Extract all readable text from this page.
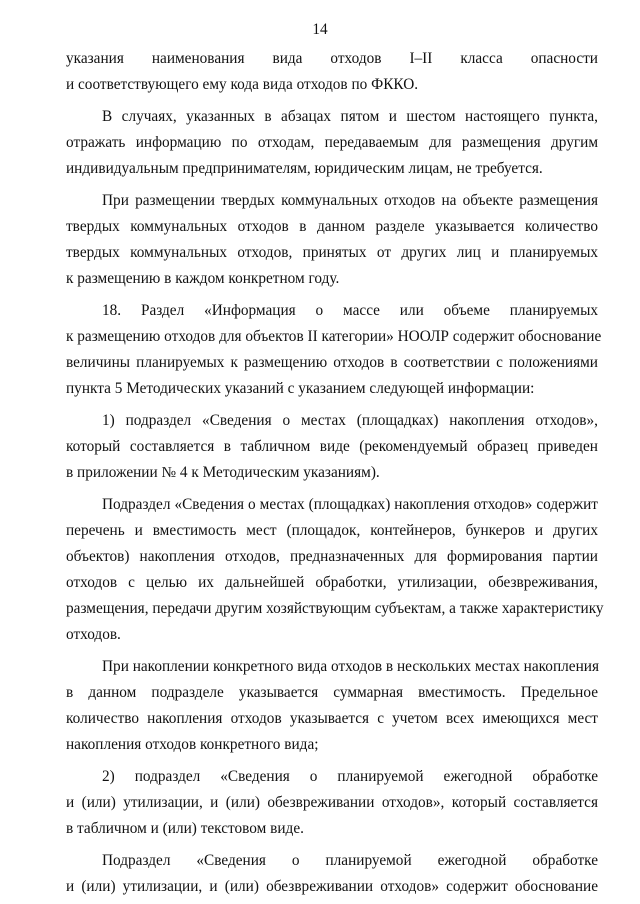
14
указания наименования вида отходов I–II класса опасности
и соответствующего ему кода вида отходов по ФККО.
В случаях, указанных в абзацах пятом и шестом настоящего пункта,
отражать информацию по отходам, передаваемым для размещения другим
индивидуальным предпринимателям, юридическим лицам, не требуется.
При размещении твердых коммунальных отходов на объекте размещения
твердых коммунальных отходов в данном разделе указывается количество
твердых коммунальных отходов, принятых от других лиц и планируемых
к размещению в каждом конкретном году.
18. Раздел «Информация о массе или объеме планируемых
к размещению отходов для объектов II категории» НООЛР содержит обоснование
величины планируемых к размещению отходов в соответствии с положениями
пункта 5 Методических указаний с указанием следующей информации:
1) подраздел «Сведения о местах (площадках) накопления отходов»,
который составляется в табличном виде (рекомендуемый образец приведен
в приложении № 4 к Методическим указаниям).
Подраздел «Сведения о местах (площадках) накопления отходов» содержит
перечень и вместимость мест (площадок, контейнеров, бункеров и других
объектов) накопления отходов, предназначенных для формирования партии
отходов с целью их дальнейшей обработки, утилизации, обезвреживания,
размещения, передачи другим хозяйствующим субъектам, а также характеристику
отходов.
При накоплении конкретного вида отходов в нескольких местах накопления
в данном подразделе указывается суммарная вместимость. Предельное
количество накопления отходов указывается с учетом всех имеющихся мест
накопления отходов конкретного вида;
2) подраздел «Сведения о планируемой ежегодной обработке
и (или) утилизации, и (или) обезвреживании отходов», который составляется
в табличном и (или) текстовом виде.
Подраздел «Сведения о планируемой ежегодной обработке
и (или) утилизации, и (или) обезвреживании отходов» содержит обоснование
